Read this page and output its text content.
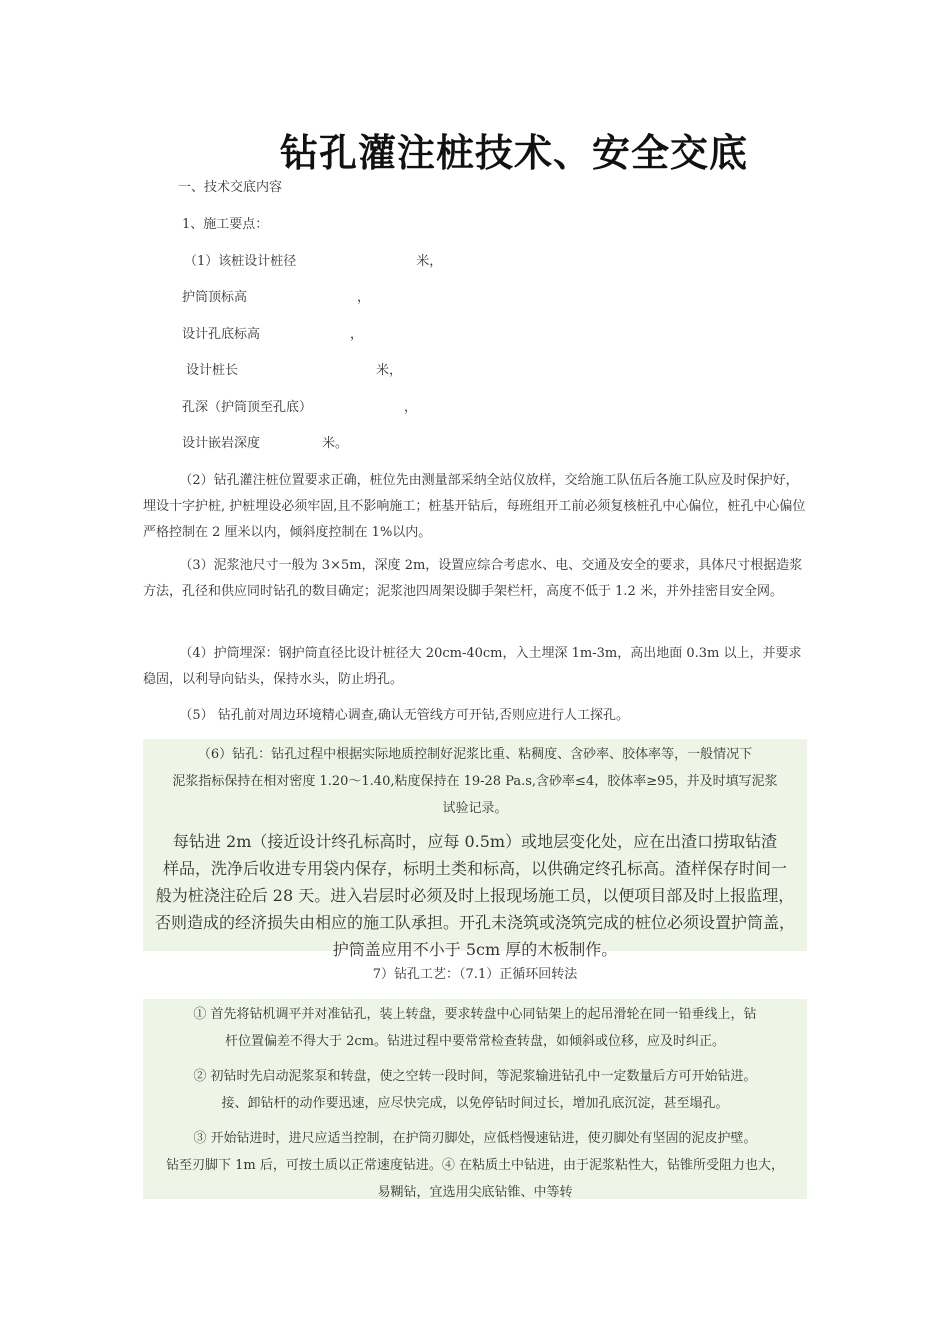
钻孔灌注桩技术、安全交底
一、技术交底内容
1、施工要点：
（1）该桩设计桩径	米，
护筒顶标高	，
设计孔底标高	，
设计桩长	米，
孔深（护筒顶至孔底）	，
设计嵌岩深度	米。

（2）钻孔灌注桩位置要求正确，桩位先由测量部采纳全站仪放样，交给施工队伍后各施工队应及时保护好，埋设十字护桩, 护桩埋设必须牢固,且不影响施工；桩基开钻后，每班组开工前必须复核桩孔中心偏位，桩孔中心偏位严格控制在 2 厘米以内，倾斜度控制在 1%以内。

（3）泥浆池尺寸一般为 3×5m，深度 2m，设置应综合考虑水、电、交通及安全的要求，具体尺寸根据造浆方法，孔径和供应同时钻孔的数目确定；泥浆池四周架设脚手架栏杆，高度不低于 1.2 米，并外挂密目安全网。

（4）护筒埋深：钢护筒直径比设计桩径大 20cm-40cm，入土埋深 1m-3m，高出地面 0.3m 以上，并要求稳固，以利导向钻头，保持水头，防止坍孔。

（5） 钻孔前对周边环境精心调查,确认无管线方可开钻,否则应进行人工探孔。

（6）钻孔：钻孔过程中根据实际地质控制好泥浆比重、粘稠度、含砂率、胶体率等，一般情况下

泥浆指标保持在相对密度 1.20～1.40,粘度保持在 19-28 Pa.s,含砂率≤4，胶体率≥95，并及时填写泥浆

试验记录。

每钻进 2m（接近设计终孔标高时，应每 0.5m）或地层变化处，应在出渣口捞取钻渣

样品，洗净后收进专用袋内保存，标明土类和标高，以供确定终孔标高。渣样保存时间一

般为桩浇注砼后 28 天。进入岩层时必须及时上报现场施工员，以便项目部及时上报监理，

否则造成的经济损失由相应的施工队承担。开孔未浇筑或浇筑完成的桩位必须设置护筒盖，

护筒盖应用不小于 5cm 厚的木板制作。

7）钻孔工艺：（7.1）正循环回转法

① 首先将钻机调平并对准钻孔，装上转盘，要求转盘中心同钻架上的起吊滑轮在同一铅垂线上，钻

杆位置偏差不得大于 2cm。钻进过程中要常常检查转盘，如倾斜或位移，应及时纠正。

② 初钻时先启动泥浆泵和转盘，使之空转一段时间，等泥浆输进钻孔中一定数量后方可开始钻进。

接、卸钻杆的动作要迅速，应尽快完成，以免停钻时间过长，增加孔底沉淀，甚至塌孔。

③ 开始钻进时，进尺应适当控制，在护筒刃脚处，应低档慢速钻进，使刃脚处有坚固的泥皮护壁。

钻至刃脚下 1m 后，可按土质以正常速度钻进。④ 在粘质土中钻进，由于泥浆粘性大，钻锥所受阻力也大，

易糊钻，宜选用尖底钻锥、中等转
